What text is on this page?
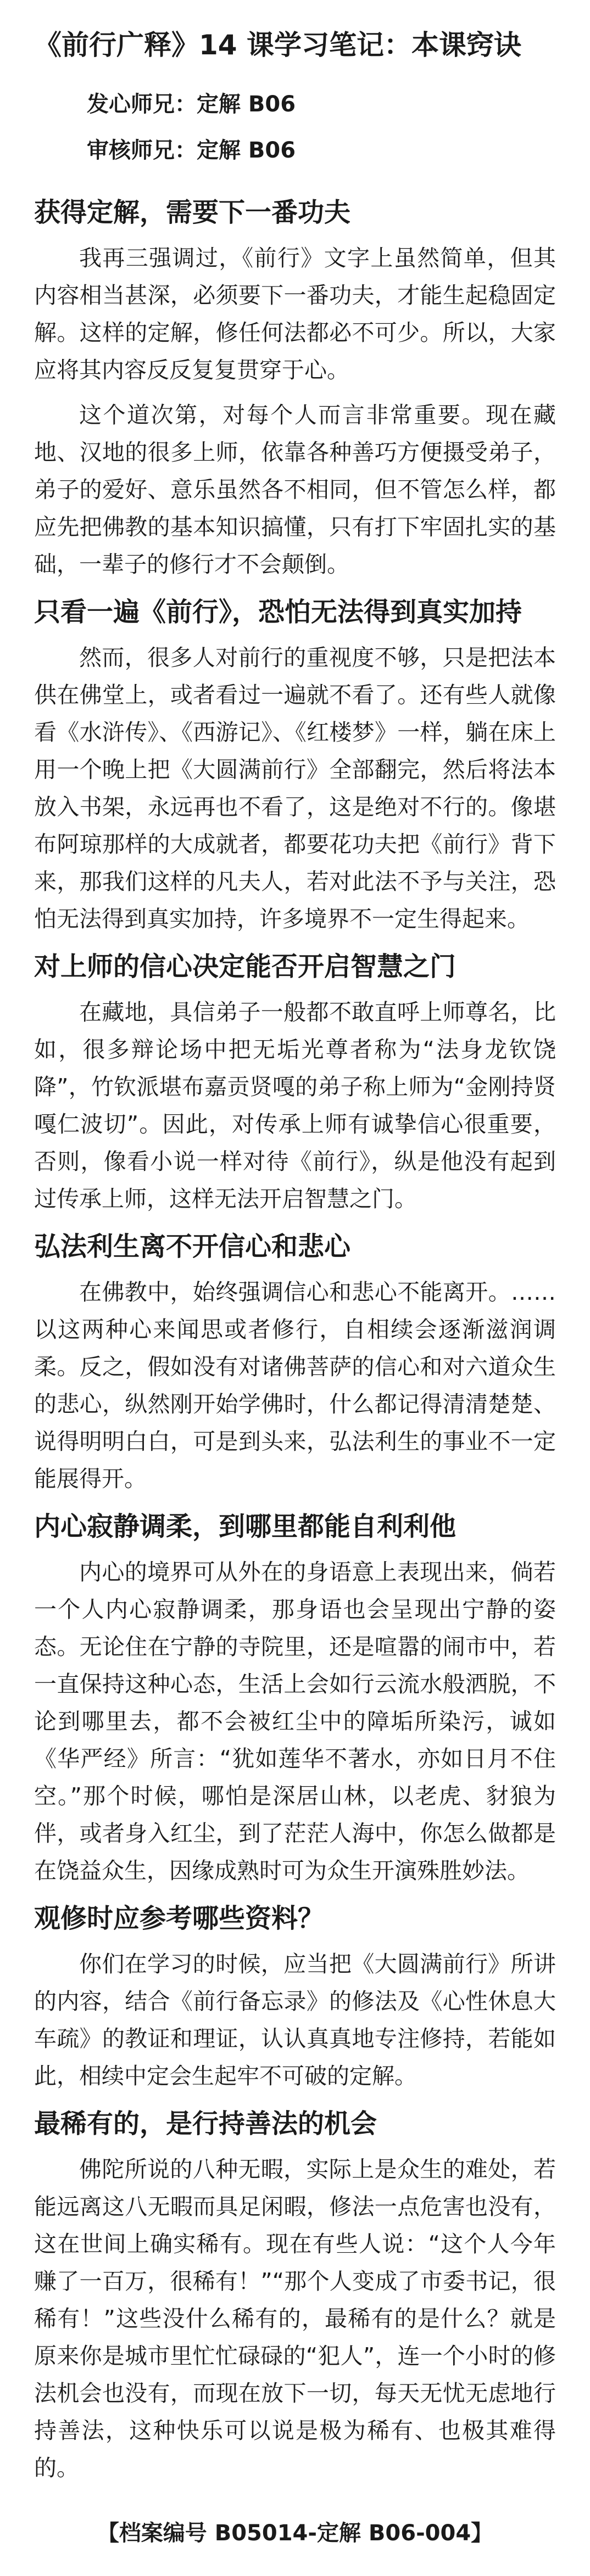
《前行广释》14 课学习笔记：本课窍诀
发心师兄：定解 B06
审核师兄：定解 B06
获得定解，需要下一番功夫

我再三强调过，《前行》文字上虽然简单，但其内容相当甚深，必须要下一番功夫，才能生起稳固定解。这样的定解，修任何法都必不可少。所以，大家应将其内容反反复复贯穿于心。

这个道次第，对每个人而言非常重要。现在藏地、汉地的很多上师，依靠各种善巧方便摄受弟子，弟子的爱好、意乐虽然各不相同，但不管怎么样，都应先把佛教的基本知识搞懂，只有打下牢固扎实的基础，一辈子的修行才不会颠倒。

只看一遍《前行》，恐怕无法得到真实加持

然而，很多人对前行的重视度不够，只是把法本供在佛堂上，或者看过一遍就不看了。还有些人就像看《水浒传》、《西游记》、《红楼梦》一样，躺在床上用一个晚上把《大圆满前行》全部翻完，然后将法本放入书架，永远再也不看了，这是绝对不行的。像堪布阿琼那样的大成就者，都要花功夫把《前行》背下来，那我们这样的凡夫人，若对此法不予与关注，恐怕无法得到真实加持，许多境界不一定生得起来。

对上师的信心决定能否开启智慧之门

在藏地，具信弟子一般都不敢直呼上师尊名，比如，很多辩论场中把无垢光尊者称为“法身龙钦饶降”，竹钦派堪布嘉贡贤嘎的弟子称上师为“金刚持贤嘎仁波切”。因此，对传承上师有诚挚信心很重要，否则，像看小说一样对待《前行》，纵是他没有起到过传承上师，这样无法开启智慧之门。

弘法利生离不开信心和悲心

在佛教中，始终强调信心和悲心不能离开。……以这两种心来闻思或者修行，自相续会逐渐滋润调柔。反之，假如没有对诸佛菩萨的信心和对六道众生的悲心，纵然刚开始学佛时，什么都记得清清楚楚、说得明明白白，可是到头来，弘法利生的事业不一定能展得开。

内心寂静调柔，到哪里都能自利利他

内心的境界可从外在的身语意上表现出来，倘若一个人内心寂静调柔，那身语也会呈现出宁静的姿态。无论住在宁静的寺院里，还是喧嚣的闹市中，若一直保持这种心态，生活上会如行云流水般洒脱，不论到哪里去，都不会被红尘中的障垢所染污，诚如《华严经》所言：“犹如莲华不著水，亦如日月不住空。”那个时候，哪怕是深居山林，以老虎、豺狼为伴，或者身入红尘，到了茫茫人海中，你怎么做都是在饶益众生，因缘成熟时可为众生开演殊胜妙法。

观修时应参考哪些资料？

你们在学习的时候，应当把《大圆满前行》所讲的内容，结合《前行备忘录》的修法及《心性休息大车疏》的教证和理证，认认真真地专注修持，若能如此，相续中定会生起牢不可破的定解。

最稀有的，是行持善法的机会

佛陀所说的八种无暇，实际上是众生的难处，若能远离这八无暇而具足闲暇，修法一点危害也没有，这在世间上确实稀有。现在有些人说：“这个人今年赚了一百万，很稀有！”“那个人变成了市委书记，很稀有！”这些没什么稀有的，最稀有的是什么？就是原来你是城市里忙忙碌碌的“犯人”，连一个小时的修法机会也没有，而现在放下一切，每天无忧无虑地行持善法，这种快乐可以说是极为稀有、也极其难得的。

【档案编号 B05014-定解 B06-004】
